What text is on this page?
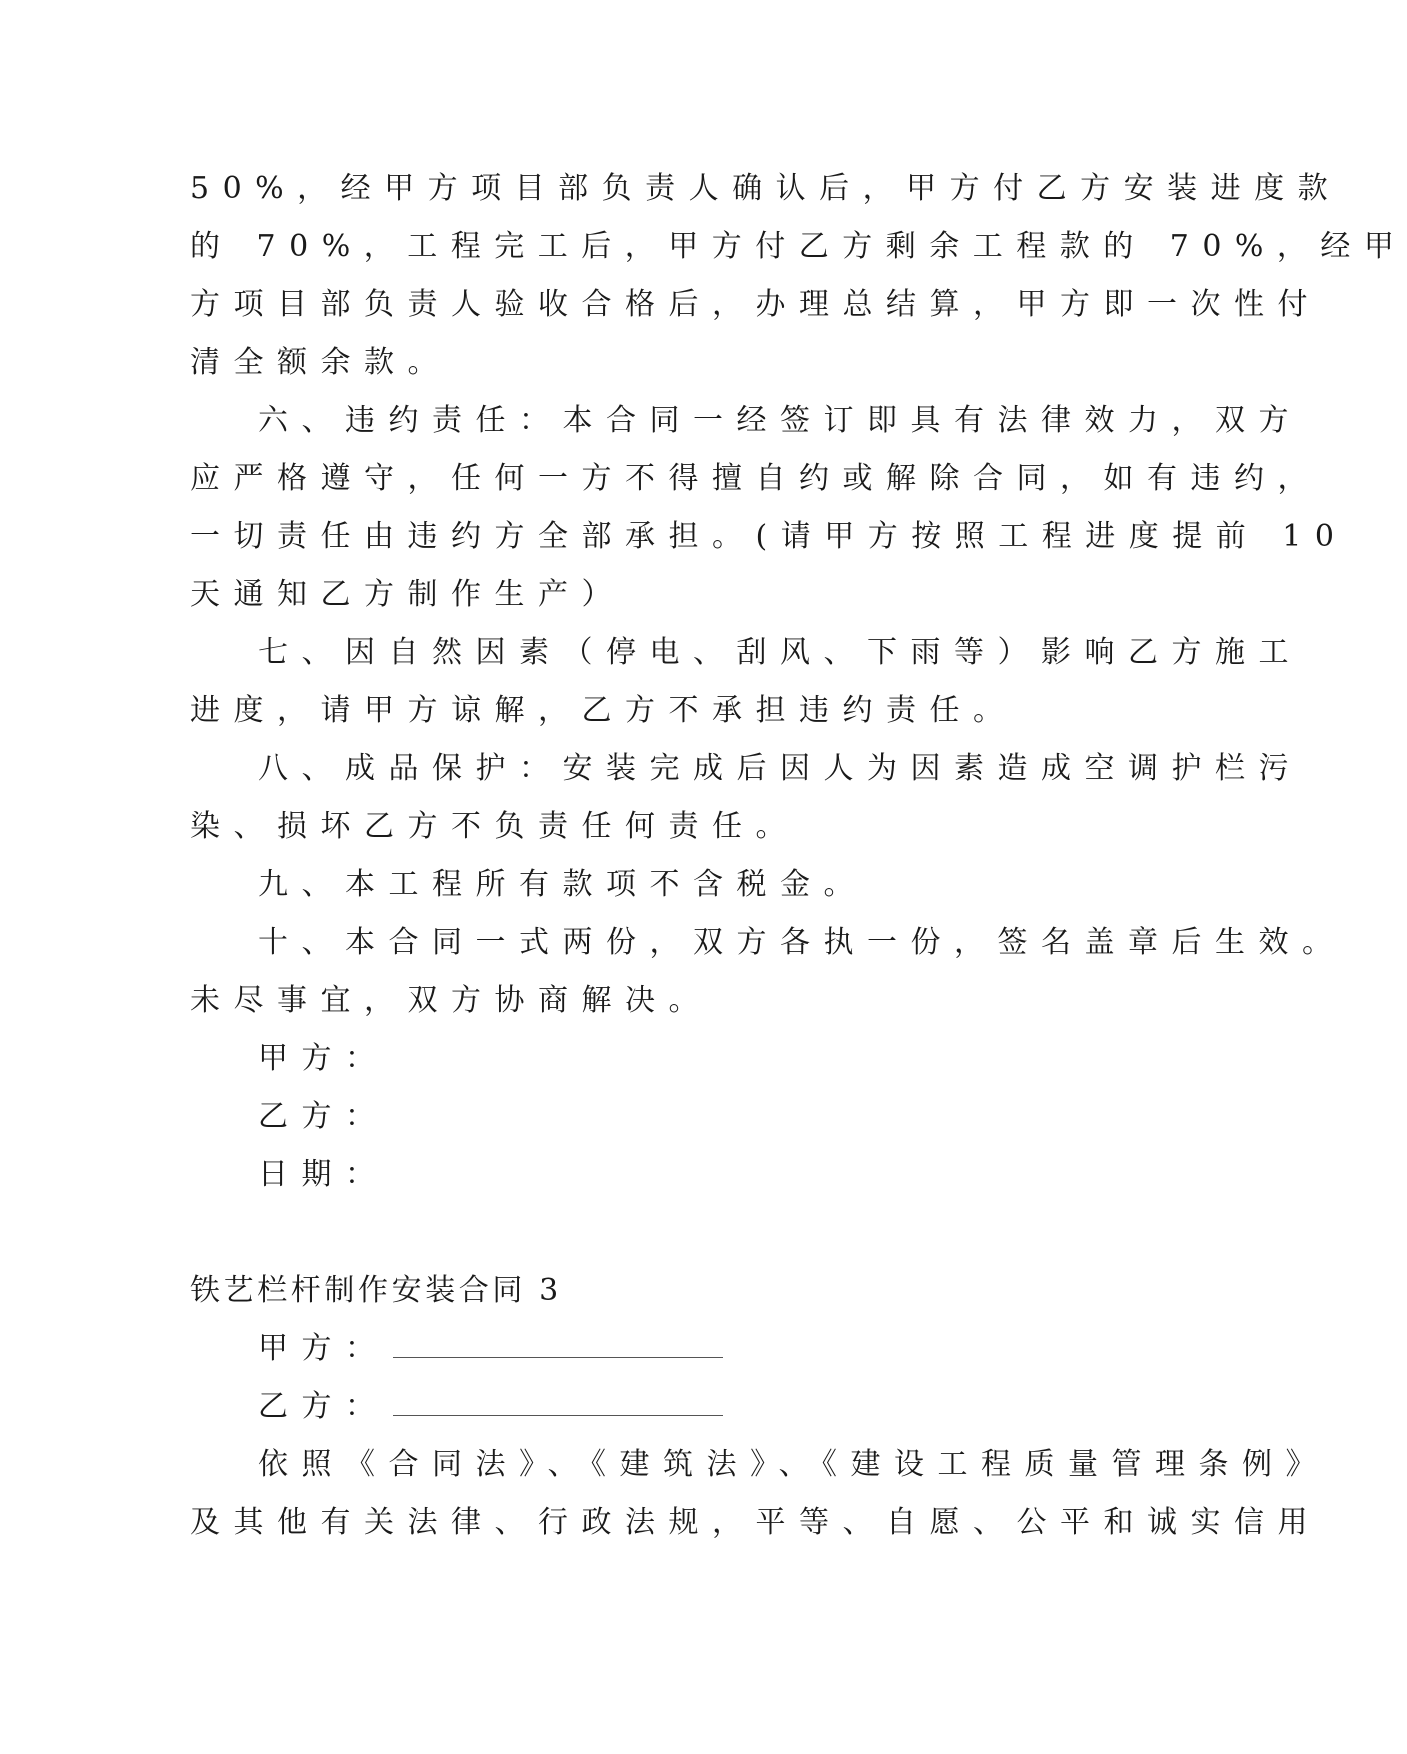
50%，经甲方项目部负责人确认后，甲方付乙方安装进度款
的 70%，工程完工后，甲方付乙方剩余工程款的 70%，经甲
方项目部负责人验收合格后，办理总结算，甲方即一次性付
清全额余款。
六、违约责任：本合同一经签订即具有法律效力，双方
应严格遵守，任何一方不得擅自约或解除合同，如有违约，
一切责任由违约方全部承担。(请甲方按照工程进度提前 10
天通知乙方制作生产）
七、因自然因素（停电、刮风、下雨等）影响乙方施工
进度，请甲方谅解，乙方不承担违约责任。
八、成品保护：安装完成后因人为因素造成空调护栏污
染、损坏乙方不负责任何责任。
九、本工程所有款项不含税金。
十、本合同一式两份，双方各执一份，签名盖章后生效。
未尽事宜，双方协商解决。
甲方：
乙方：
日期：
铁艺栏杆制作安装合同 3
甲方：
乙方：
依照《合同法》、《建筑法》、《建设工程质量管理条例》
及其他有关法律、行政法规，平等、自愿、公平和诚实信用
